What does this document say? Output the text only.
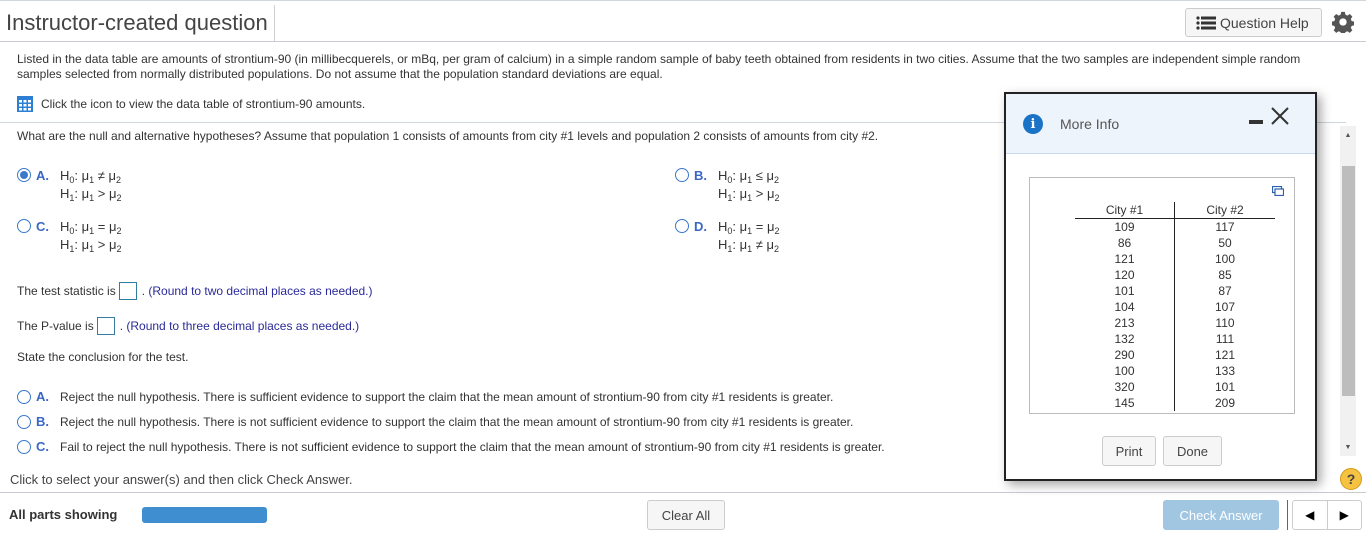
Instructor-created question	Question Help
Listed in the data table are amounts of strontium-90 (in millibecquerels, or mBq, per gram of calcium) in a simple random sample of baby teeth obtained from residents in two cities. Assume that the two samples are independent simple random samples selected from normally distributed populations. Do not assume that the population standard deviations are equal.
Click the icon to view the data table of strontium-90 amounts.
What are the null and alternative hypotheses? Assume that population 1 consists of amounts from city #1 levels and population 2 consists of amounts from city #2.
A. $H_0$: $\mu_1 \ne \mu_2$
$H_1$: $\mu_1 > \mu_2$
B. $H_0$: $\mu_1 \le \mu_2$
$H_1$: $\mu_1 > \mu_2$
C. $H_0$: $\mu_1 = \mu_2$
$H_1$: $\mu_1 > \mu_2$
D. $H_0$: $\mu_1 = \mu_2$
$H_1$: $\mu_1 \ne \mu_2$
The test statistic is . (Round to two decimal places as needed.)
The P-value is . (Round to three decimal places as needed.)
State the conclusion for the test.
A. Reject the null hypothesis. There is sufficient evidence to support the claim that the mean amount of strontium-90 from city #1 residents is greater.
B. Reject the null hypothesis. There is not sufficient evidence to support the claim that the mean amount of strontium-90 from city #1 residents is greater.
C. Fail to reject the null hypothesis. There is not sufficient evidence to support the claim that the mean amount of strontium-90 from city #1 residents is greater.
▲
▼
Click to select your answer(s) and then click Check Answer.	?
All parts showing	Clear All	Check Answer	◀	▶
i	More Info
City #1	City #2
109	117
86	50
121	100
120	85
101	87
104	107
213	110
132	111
290	121
100	133
320	101
145	209
Print	Done
